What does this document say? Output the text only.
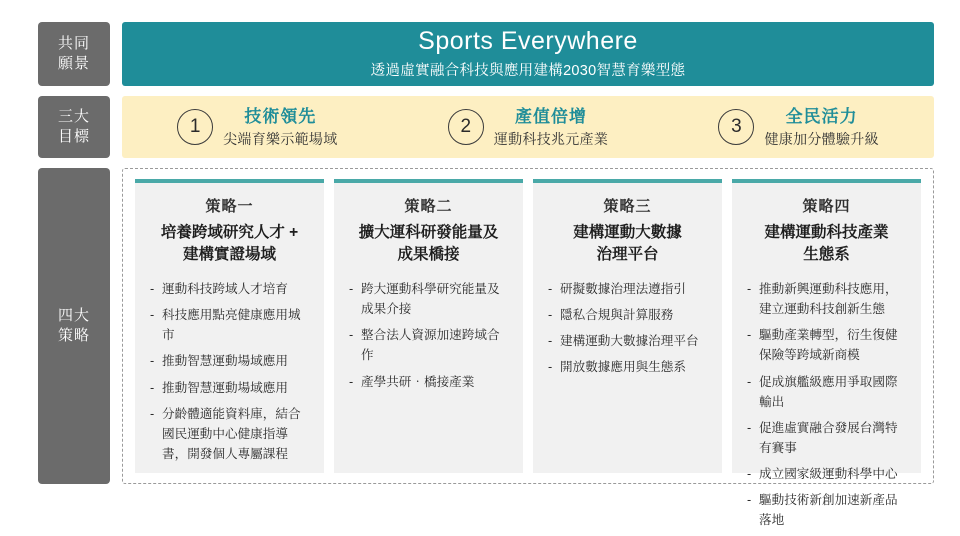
共同
願景
三大
目標
四大
策略
Sports Everywhere
透過虛實融合科技與應用建構2030智慧育樂型態
1	技術領先
尖端育樂示範場域
2	產值倍增
運動科技兆元產業
3	全民活力
健康加分體驗升級
策略一
培養跨域研究人才 +
建構實證場域
- 運動科技跨域人才培育
- 科技應用點亮健康應用城市
- 推動智慧運動場域應用
- 推動智慧運動場域應用
- 分齡體適能資料庫，結合國民運動中心健康指導書，開發個人專屬課程
策略二
擴大運科研發能量及
成果橋接
- 跨大運動科學研究能量及成果介接
- 整合法人資源加速跨域合作
- 產學共研‧橋接產業
策略三
建構運動大數據
治理平台
- 研擬數據治理法遵指引
- 隱私合規與計算服務
- 建構運動大數據治理平台
- 開放數據應用與生態系
策略四
建構運動科技產業
生態系
- 推動新興運動科技應用，建立運動科技創新生態
- 驅動產業轉型，衍生復健保險等跨域新商模
- 促成旗艦級應用爭取國際輸出
- 促進虛實融合發展台灣特有賽事
- 成立國家級運動科學中心
- 驅動技術新創加速新產品落地
